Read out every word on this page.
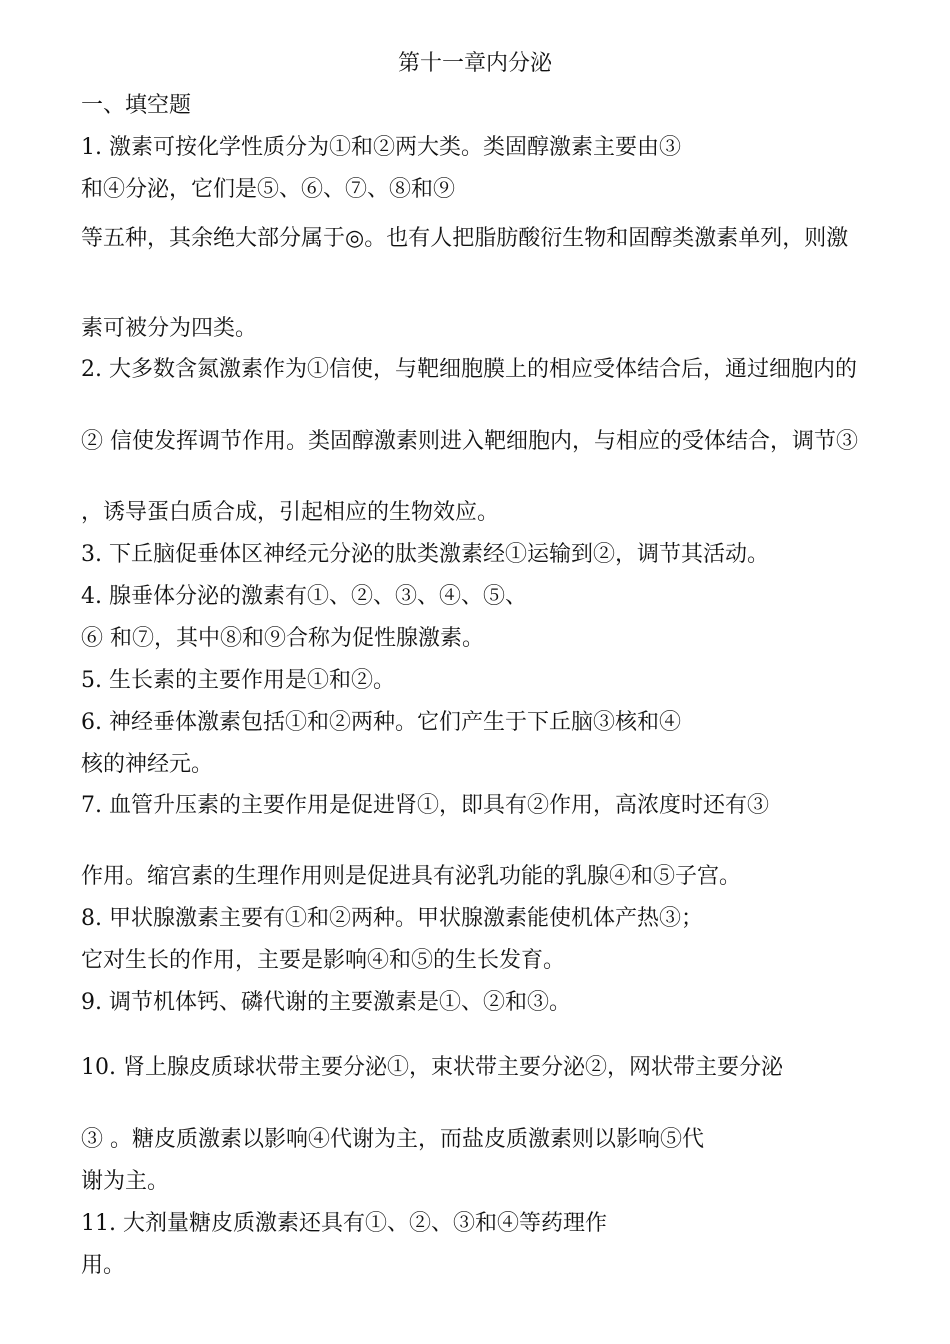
第十一章内分泌
一、填空题
1. 激素可按化学性质分为①和②两大类。类固醇激素主要由③
和④分泌，它们是⑤、⑥、⑦、⑧和⑨
等五种，其余绝大部分属于◎。也有人把脂肪酸衍生物和固醇类激素单列，则激
素可被分为四类。
2. 大多数含氮激素作为①信使，与靶细胞膜上的相应受体结合后，通过细胞内的
② 信使发挥调节作用。类固醇激素则进入靶细胞内，与相应的受体结合，调节③
，诱导蛋白质合成，引起相应的生物效应。
3. 下丘脑促垂体区神经元分泌的肽类激素经①运输到②，调节其活动。
4. 腺垂体分泌的激素有①、②、③、④、⑤、
⑥ 和⑦，其中⑧和⑨合称为促性腺激素。
5. 生长素的主要作用是①和②。
6. 神经垂体激素包括①和②两种。它们产生于下丘脑③核和④
核的神经元。
7. 血管升压素的主要作用是促进肾①，即具有②作用，高浓度时还有③
作用。缩宫素的生理作用则是促进具有泌乳功能的乳腺④和⑤子宫。
8. 甲状腺激素主要有①和②两种。甲状腺激素能使机体产热③；
它对生长的作用，主要是影响④和⑤的生长发育。
9. 调节机体钙、磷代谢的主要激素是①、②和③。
10. 肾上腺皮质球状带主要分泌①，束状带主要分泌②，网状带主要分泌
③ 。糖皮质激素以影响④代谢为主，而盐皮质激素则以影响⑤代
谢为主。
11. 大剂量糖皮质激素还具有①、②、③和④等药理作
用。
